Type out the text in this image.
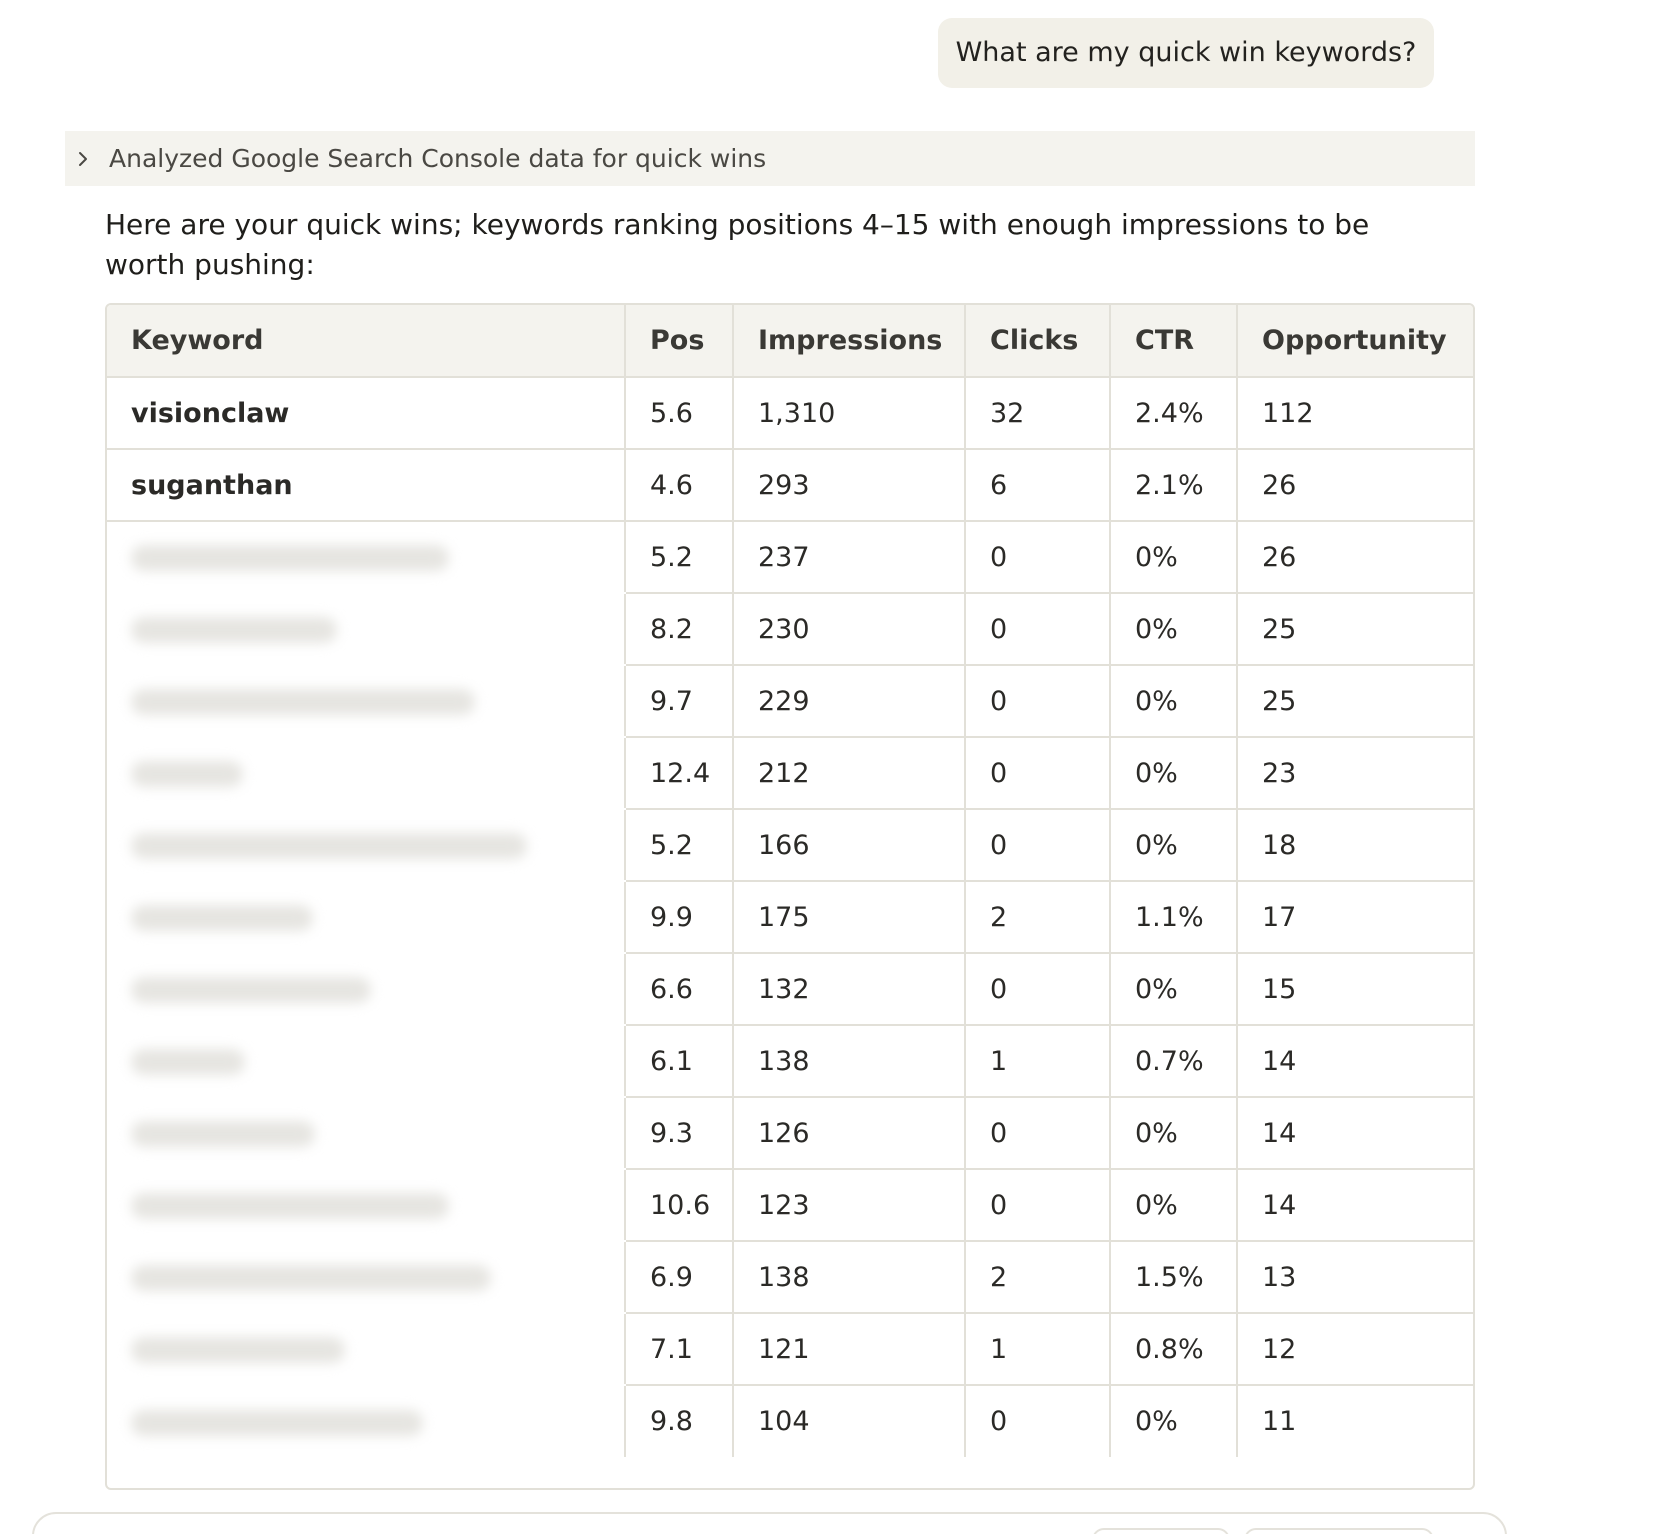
What are my quick win keywords?
Analyzed Google Search Console data for quick wins
Here are your quick wins; keywords ranking positions 4–15 with enough impressions to be worth pushing:
Keyword	Pos	Impressions	Clicks	CTR	Opportunity
visionclaw	5.6	1,310	32	2.4%	112
suganthan	4.6	293	6	2.1%	26
	5.2	237	0	0%	26
	8.2	230	0	0%	25
	9.7	229	0	0%	25
	12.4	212	0	0%	23
	5.2	166	0	0%	18
	9.9	175	2	1.1%	17
	6.6	132	0	0%	15
	6.1	138	1	0.7%	14
	9.3	126	0	0%	14
	10.6	123	0	0%	14
	6.9	138	2	1.5%	13
	7.1	121	1	0.8%	12
	9.8	104	0	0%	11
